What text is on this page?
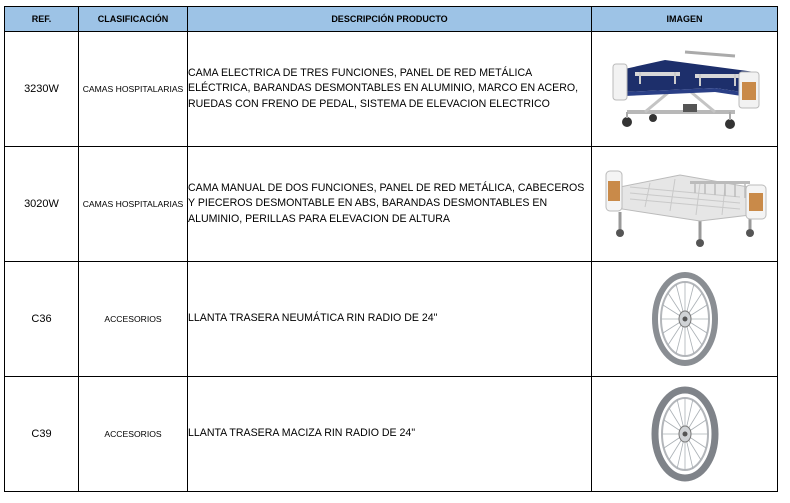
REF.	CLASIFICACIÓN	DESCRIPCIÓN PRODUCTO	IMAGEN
3230W	CAMAS HOSPITALARIAS	CAMA ELECTRICA DE TRES FUNCIONES, PANEL DE RED METÁLICA ELÉCTRICA, BARANDAS DESMONTABLES EN ALUMINIO, MARCO EN ACERO, RUEDAS CON FRENO DE PEDAL, SISTEMA DE ELEVACION ELECTRICO	

3020W	CAMAS HOSPITALARIAS	CAMA MANUAL DE DOS FUNCIONES, PANEL DE RED METÁLICA, CABECEROS Y PIECEROS DESMONTABLE EN ABS, BARANDAS DESMONTABLES EN ALUMINIO, PERILLAS PARA ELEVACION DE ALTURA	

C36	ACCESORIOS	LLANTA TRASERA NEUMÁTICA RIN RADIO DE 24"	

C39	ACCESORIOS	LLANTA TRASERA MACIZA RIN RADIO DE 24"	
